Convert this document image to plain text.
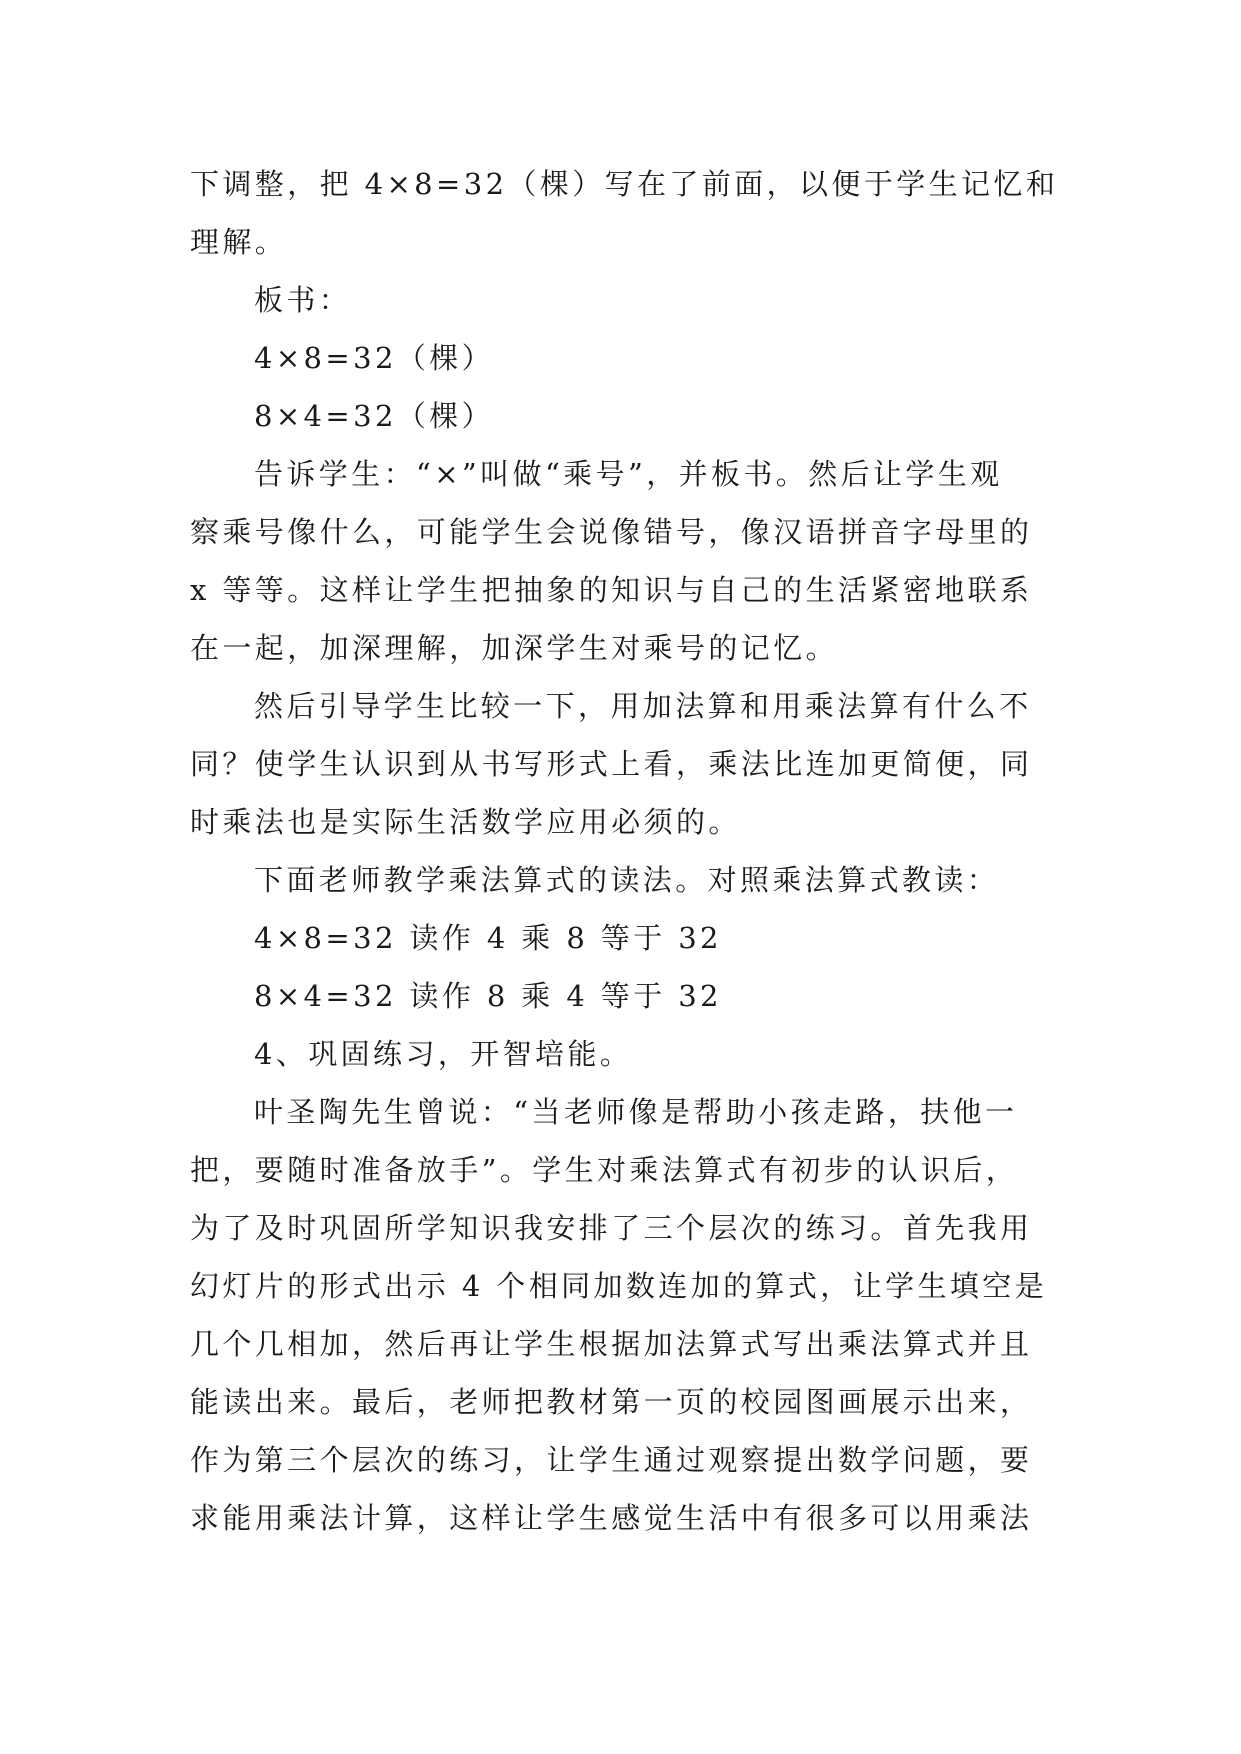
下调整，把 4×8=32（棵）写在了前面，以便于学生记忆和
理解。
板书：
4×8=32（棵）
8×4=32（棵）
告诉学生：“×”叫做“乘号”，并板书。然后让学生观
察乘号像什么，可能学生会说像错号，像汉语拼音字母里的
x 等等。这样让学生把抽象的知识与自己的生活紧密地联系
在一起，加深理解，加深学生对乘号的记忆。
然后引导学生比较一下，用加法算和用乘法算有什么不
同？使学生认识到从书写形式上看，乘法比连加更简便，同
时乘法也是实际生活数学应用必须的。
下面老师教学乘法算式的读法。对照乘法算式教读：
4×8=32 读作 4 乘 8 等于 32
8×4=32 读作 8 乘 4 等于 32
4、巩固练习，开智培能。
叶圣陶先生曾说：“当老师像是帮助小孩走路，扶他一
把，要随时准备放手”。学生对乘法算式有初步的认识后，
为了及时巩固所学知识我安排了三个层次的练习。首先我用
幻灯片的形式出示 4 个相同加数连加的算式，让学生填空是
几个几相加，然后再让学生根据加法算式写出乘法算式并且
能读出来。最后，老师把教材第一页的校园图画展示出来，
作为第三个层次的练习，让学生通过观察提出数学问题，要
求能用乘法计算，这样让学生感觉生活中有很多可以用乘法
